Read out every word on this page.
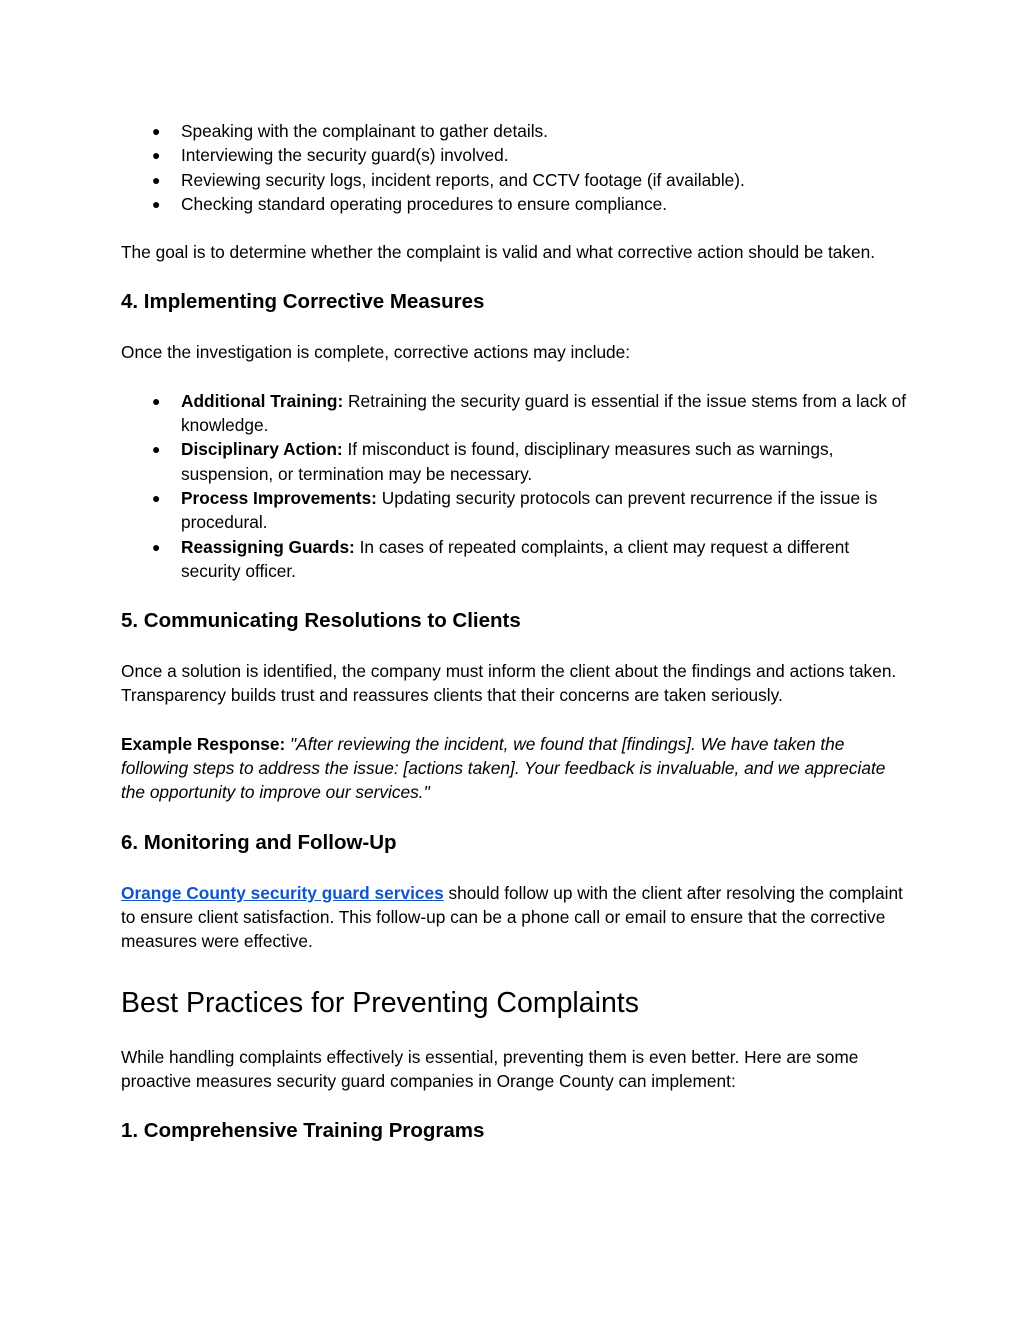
● Speaking with the complainant to gather details.
● Interviewing the security guard(s) involved.
● Reviewing security logs, incident reports, and CCTV footage (if available).
● Checking standard operating procedures to ensure compliance.

The goal is to determine whether the complaint is valid and what corrective action should be taken.

4. Implementing Corrective Measures

Once the investigation is complete, corrective actions may include:

● Additional Training: Retraining the security guard is essential if the issue stems from a lack of knowledge.
● Disciplinary Action: If misconduct is found, disciplinary measures such as warnings, suspension, or termination may be necessary.
● Process Improvements: Updating security protocols can prevent recurrence if the issue is procedural.
● Reassigning Guards: In cases of repeated complaints, a client may request a different security officer.
5. Communicating Resolutions to Clients

Once a solution is identified, the company must inform the client about the findings and actions taken. Transparency builds trust and reassures clients that their concerns are taken seriously.

Example Response: "After reviewing the incident, we found that [findings]. We have taken the following steps to address the issue: [actions taken]. Your feedback is invaluable, and we appreciate the opportunity to improve our services."

6. Monitoring and Follow-Up

Orange County security guard services should follow up with the client after resolving the complaint to ensure client satisfaction. This follow-up can be a phone call or email to ensure that the corrective measures were effective.

Best Practices for Preventing Complaints

While handling complaints effectively is essential, preventing them is even better. Here are some proactive measures security guard companies in Orange County can implement:

1. Comprehensive Training Programs
